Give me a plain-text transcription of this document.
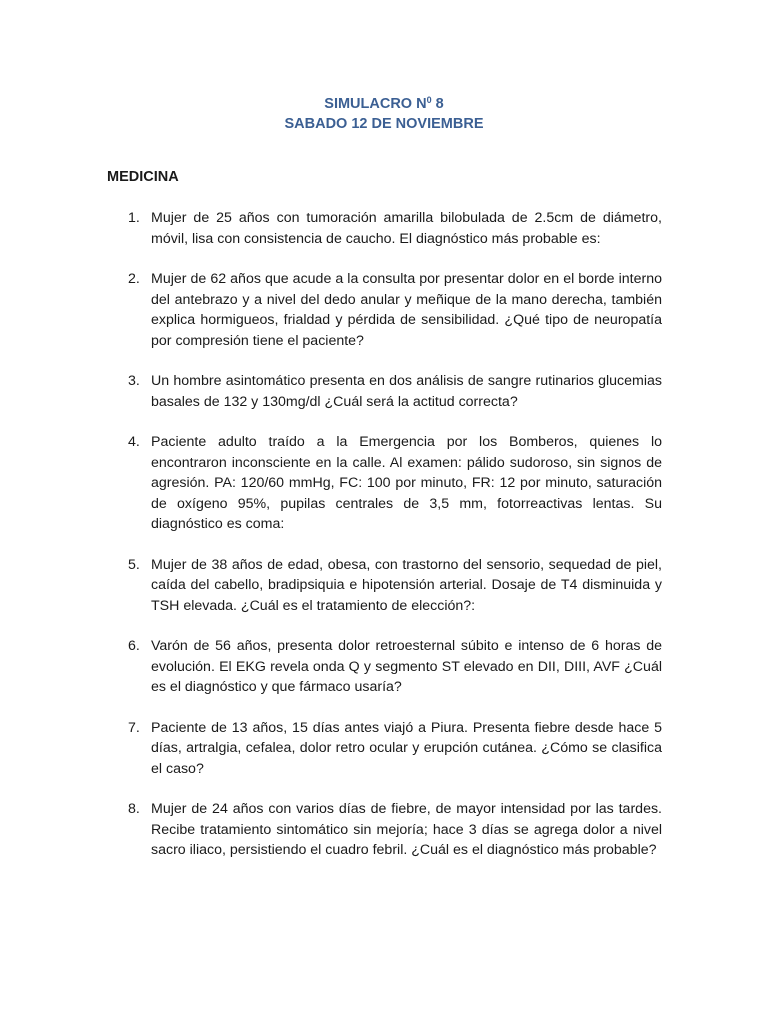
SIMULACRO $N^0$ 8
SABADO 12 DE NOVIEMBRE
MEDICINA
1. Mujer de 25 años con tumoración amarilla bilobulada de 2.5cm de diámetro, móvil, lisa con consistencia de caucho. El diagnóstico más probable es:
2. Mujer de 62 años que acude a la consulta por presentar dolor en el borde interno del antebrazo y a nivel del dedo anular y meñique de la mano derecha, también explica hormigueos, frialdad y pérdida de sensibilidad. ¿Qué tipo de neuropatía por compresión tiene el paciente?
3. Un hombre asintomático presenta en dos análisis de sangre rutinarios glucemias basales de 132 y 130mg/dl ¿Cuál será la actitud correcta?
4. Paciente adulto traído a la Emergencia por los Bomberos, quienes lo encontraron inconsciente en la calle. Al examen: pálido sudoroso, sin signos de agresión. PA: 120/60 mmHg, FC: 100 por minuto, FR: 12 por minuto, saturación de oxígeno 95%, pupilas centrales de 3,5 mm, fotorreactivas lentas. Su diagnóstico es coma:
5. Mujer de 38 años de edad, obesa, con trastorno del sensorio, sequedad de piel, caída del cabello, bradipsiquia e hipotensión arterial. Dosaje de T4 disminuida y TSH elevada. ¿Cuál es el tratamiento de elección?:
6. Varón de 56 años, presenta dolor retroesternal súbito e intenso de 6 horas de evolución. El EKG revela onda Q y segmento ST elevado en DII, DIII, AVF ¿Cuál es el diagnóstico y que fármaco usaría?
7. Paciente de 13 años, 15 días antes viajó a Piura. Presenta fiebre desde hace 5 días, artralgia, cefalea, dolor retro ocular y erupción cutánea. ¿Cómo se clasifica el caso?
8. Mujer de 24 años con varios días de fiebre, de mayor intensidad por las tardes. Recibe tratamiento sintomático sin mejoría; hace 3 días se agrega dolor a nivel sacro iliaco, persistiendo el cuadro febril. ¿Cuál es el diagnóstico más probable?
